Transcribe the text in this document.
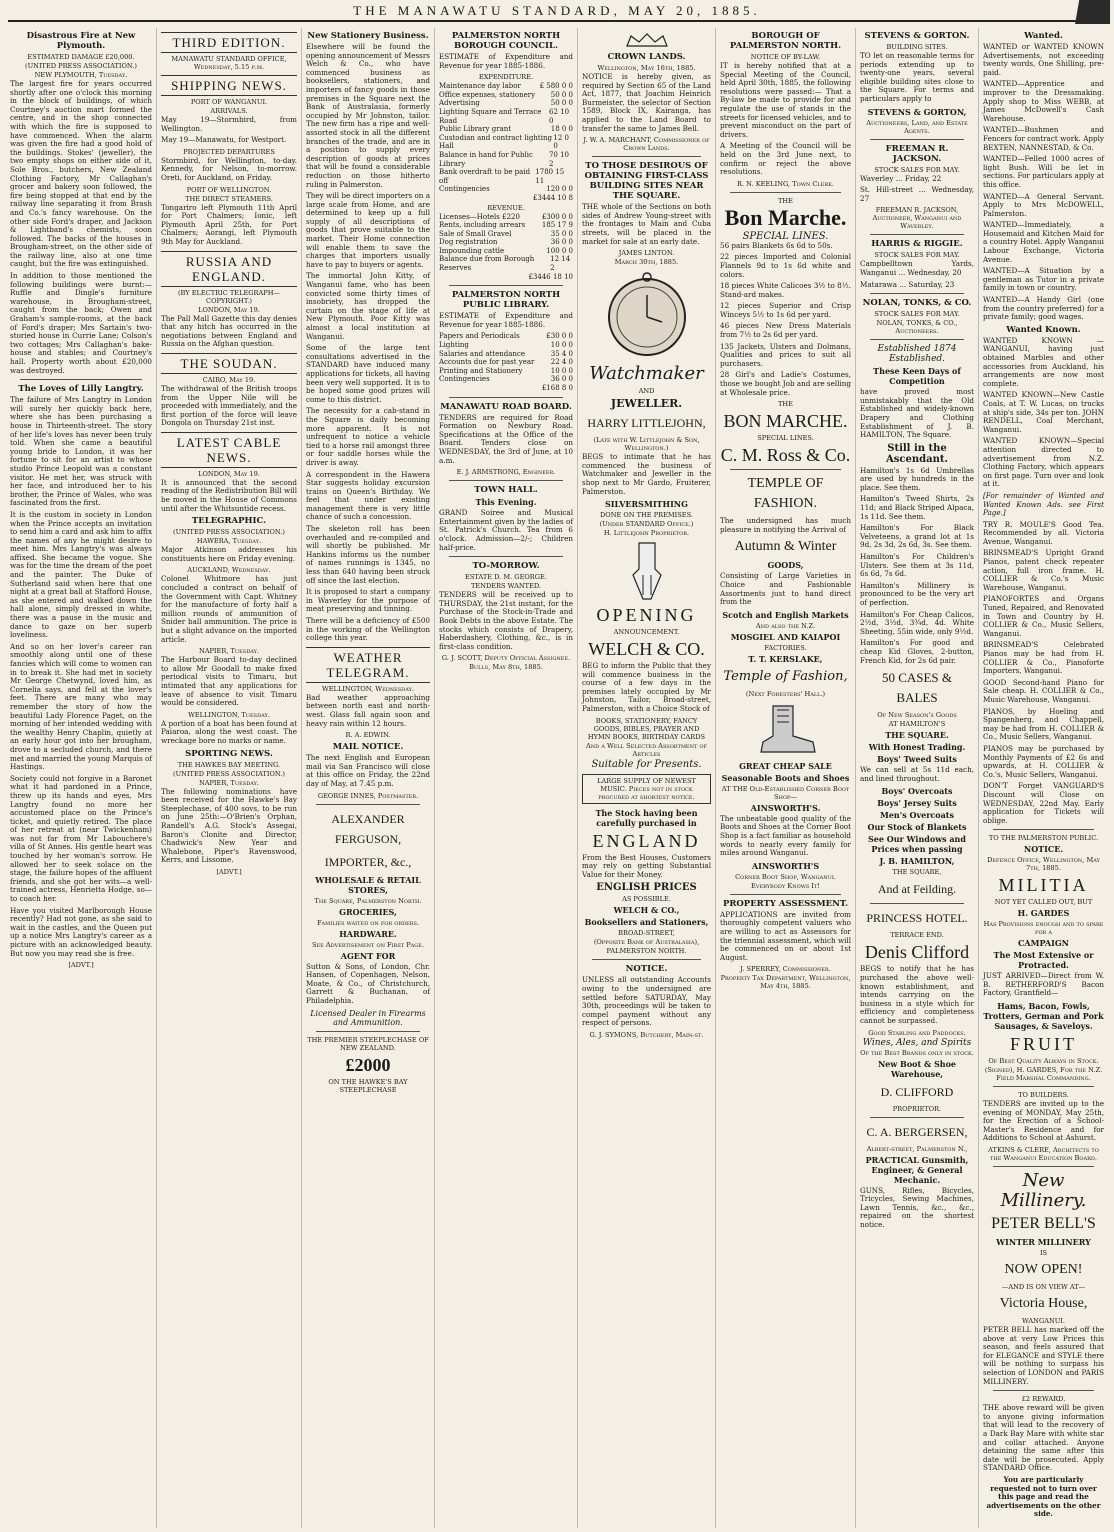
THE MANAWATU STANDARD, MAY 20, 1885.
Disastrous Fire at New Plymouth.
ESTIMATED DAMAGE £20,000.
(UNITED PRESS ASSOCIATION.)
NEW PLYMOUTH, Tuesday.

The largest fire for years occurred shortly after one o'clock this morning in the block of buildings, of which Courtney's auction mart formed the centre, and in the shop connected with which the fire is supposed to have commenced. When the alarm was given the fire had a good hold of the buildings. Stokes' (jeweller), the two empty shops on either side of it, Sole Bros., butchers, New Zealand Clothing Factory, Mr Callaghan's grocer and bakery soon followed, the fire being stopped at that end by the railway line separating it from Brash and Co.'s fancy warehouse. On the other side Ford's draper, and Jackson & Lightband's chemists, soon followed. The backs of the houses in Brougham-street, on the other side of the railway line, also at one time caught, but the fire was extinguished.

In addition to those mentioned the following buildings were burnt:— Ruffle and Dingle's furniture warehouse, in Brougham-street, caught from the back; Owen and Graham's sample-rooms, at the back of Ford's draper; Mrs Sartain's two-storied house in Currie Lane; Colson's two cottages; Mrs Callaghan's bake-house and stables; and Courtney's hall. Property worth about £20,000 was destroyed.

The Loves of Lilly Langtry.

The failure of Mrs Langtry in London will surely her quickly back here, where she has been purchasing a house in Thirteenth-street. The story of her life's loves has never been truly told. When she came a beautiful young bride to London, it was her fortune to sit for an artist to whose studio Prince Leopold was a constant visitor. He met her, was struck with her face, and introduced her to his brother, the Prince of Wales, who was fascinated from the first.

It is the custom in society in London when the Prince accepts an invitation to send him a card and ask him to affix the names of any he might desire to meet him. Mrs Langtry's was always affixed. She became the vogue. She was for the time the dream of the poet and the painter. The Duke of Sutherland said when here that one night at a great ball at Stafford House, as she entered and walked down the hall alone, simply dressed in white, there was a pause in the music and dance to gaze on her superb loveliness.

And so on her lover's career ran smoothly along until one of these fancies which will come to women ran in to break it. She had met in society Mr George Chetwynd, loved him, as Cornelia says, and fell at the lover's feet. There are many who may remember the story of how the beautiful Lady Florence Paget, on the morning of her intended wedding with the wealthy Henry Chaplin, quietly at an early hour got into her brougham, drove to a secluded church, and there met and married the young Marquis of Hastings.

Society could not forgive in a Baronet what it had pardoned in a Prince, threw up its hands and eyes, Mrs Langtry found no more her accustomed place on the Prince's ticket, and quietly retired. The place of her retreat at (near Twickenham) was not far from Mr Labouchere's villa of St Annes. His gentle heart was touched by her woman's sorrow. He allowed her to seek solace on the stage, the failure hopes of the affluent friends, and she got her wits—a well-trained actress, Henrietta Hodge, so—to coach her.

Have you visited Marlborough House recently? Had not gone, as she said to wait in the castles, and the Queen put up a notice Mrs Langtry's career as a picture with an acknowledged beauty. But now you may read she is free.

[ADVT.]
THIRD EDITION.
MANAWATU STANDARD OFFICE, Wednesday, 5.15 p.m.
SHIPPING NEWS.
PORT OF WANGANUI.
ARRIVALS.

May 19—Stormbird, from Wellington.

May 19—Manawatu, for Westport.

PROJECTED DEPARTURES

Stormbird, for Wellington, to-day. Kennedy, for Nelson, to-morrow. Oreti, for Auckland, on Friday.

PORT OF WELLINGTON.
THE DIRECT STEAMERS.

Tongariro left Plymouth 11th April for Port Chalmers; Ionic, left Plymouth April 25th, for Port Chalmers; Aorangi, left Plymouth 9th May for Auckland.

RUSSIA AND ENGLAND.
(BY ELECTRIC TELEGRAPH—COPYRIGHT.)
LONDON, May 19.

The Pall Mall Gazette this day denies that any hitch has occurred in the negotiations between England and Russia on the Afghan question.

THE SOUDAN.
CAIRO, May 19.

The withdrawal of the British troops from the Upper Nile will be proceeded with immediately, and the first portion of the force will leave Dongola on Thursday 21st inst.

LATEST CABLE NEWS.
LONDON, May 19.

It is announced that the second reading of the Redistribution Bill will be moved in the House of Commons until after the Whitsuntide recess.

TELEGRAPHIC.
(UNITED PRESS ASSOCIATION.)
HAWERA, Tuesday.

Major Atkinson addresses his constituents here on Friday evening.

AUCKLAND, Wednesday.

Colonel Whitmore has just concluded a contract on behalf of the Government with Capt. Whitney for the manufacture of forty half a million rounds of ammunition of Snider ball ammunition. The price is but a slight advance on the imported article.

NAPIER, Tuesday.

The Harbour Board to-day declined to allow Mr Goodall to make fixed periodical visits to Timaru, but intimated that any applications for leave of absence to visit Timaru would be considered.

WELLINGTON, Tuesday.

A portion of a boat has been found at Paiaroa, along the west coast. The wreckage bore no marks or name.

SPORTING NEWS.
THE HAWKES BAY MEETING.
(UNITED PRESS ASSOCIATION.)
NAPIER, Tuesday.

The following nominations have been received for the Hawke's Bay Steeplechase, of 400 sovs, to be run on June 25th:—O'Brien's Orphan, Randell's A.G. Stock's Assegai, Baron's Clonite and Director, Chadwick's New Year and Whalebone, Piper's Ravenswood, Kerrs, and Lissome.

[ADVT.]
New Stationery Business.

Elsewhere will be found the opening announcement of Messrs Welch & Co., who have commenced business as booksellers, stationers, and importers of fancy goods in those premises in the Square next the Bank of Australasia, formerly occupied by Mr Johnston, tailor. The new firm has a ripe and well-assorted stock in all the different branches of the trade, and are in a position to supply every description of goods at prices that will be found a considerable reduction on those hitherto ruling in Palmerston.

They will be direct importers on a large scale from Home, and are determined to keep up a full supply of all descriptions of goods that prove suitable to the market. Their Home connection will enable them to save the charges that importers usually have to pay to buyers or agents.

The immortal John Kitty, of Wanganui fame, who has been convicted some thirty times of insobriety, has dropped the curtain on the stage of life at New Plymouth. Poor Kitty was almost a local institution at Wanganui.

Some of the large tent consultations advertised in the STANDARD have induced many applications for tickets, all having been very well supported. It is to be hoped some good prizes will come to this district.

The necessity for a cab-stand in the Square is daily becoming more apparent. It is not unfrequent to notice a vehicle tied to a horse rail amongst three or four saddle horses while the driver is away.

A correspondent in the Hawera Star suggests holiday excursion trains on Queen's Birthday. We feel that under existing management there is very little chance of such a concession.

The skeleton roll has been overhauled and re-compiled and will shortly be published. Mr Hankins informs us the number of names runnings is 1345, no less than 640 having been struck off since the last election.

It is proposed to start a company in Waverley for the purpose of meat preserving and tinning.

There will be a deficiency of £500 in the working of the Wellington college this year.

WEATHER TELEGRAM.
WELLINGTON, Wednesday.

Bad weather approaching between north east and north-west. Glass fall again soon and heavy rain within 12 hours.

R. A. EDWIN.
MAIL NOTICE.

The next English and European mail via San Francisco will close at this office on Friday, the 22nd day of May, at 7.45 p.m.

GEORGE INNES, Postmaster.
ALEXANDER FERGUSON,
IMPORTER, &c.,
WHOLESALE & RETAIL STORES,
The Square, Palmerston North.
GROCERIES,
Families waited on for orders.
HARDWARE.
See Advertisement on First Page.
AGENT FOR

Sutton & Sons, of London, Chr. Hansen, of Copenhagen, Nelson, Moate, & Co., of Christchurch, Garrett & Buchanan, of Philadelphia.

Licensed Dealer in Firearms and Ammunition.
THE PREMIER STEEPLECHASE OF NEW ZEALAND.
£2000
ON THE HAWKE'S BAY STEEPLECHASE
PALMERSTON NORTH BOROUGH COUNCIL.

ESTIMATE of Expenditure and Revenue for year 1885-1886.

EXPENDITURE.
Maintenance day labor	£ 580 0 0
Office expenses, stationery 50 0 0
Advertising	50 0 0
Lighting Square and Terrace Road
62 10 0
Public Library grant	18 0 0
Custodian and contract lighting Hall
12 0 0
Balance in hand for Public Library
70 10 2
Bank overdraft to be paid off
1780 15 11
Contingencies	120 0 0
£3444 10 8
REVENUE.
Licenses—Hotels £220	£300 0 0
Rents, including arrears 185 17 9
Sale of Small Gravel	35 0 0
Dog registration	36 0 0
Impounding cattle	100 0 0
Balance due from Borough Reserves
12 14 2
£3446 18 10
PALMERSTON NORTH PUBLIC LIBRARY.

ESTIMATE of Expenditure and Revenue for year 1885-1886.

Papers and Periodicals	£30 0 0
Lighting	10 0 0
Salaries and attendance	35 4 0
Accounts due for past year 22 4 0
Printing and Stationery	10 0 0
Contingencies	36 0 0
£168 8 0
MANAWATU ROAD BOARD.

TENDERS are required for Road Formation on Newbury Road. Specifications at the Office of the Board. Tenders close on WEDNESDAY, the 3rd of June, at 10 a.m.

E. J. ARMSTRONG, Engineer.
TOWN HALL.
This Evening.

GRAND Soiree and Musical Entertainment given by the ladies of St. Patrick's Church. Tea from 6 o'clock. Admission—2/-; Children half-price.

TO-MORROW.
ESTATE D. M. GEORGE.
TENDERS WANTED.

TENDERS will be received up to THURSDAY, the 21st instant, for the Purchase of the Stock-in-Trade and Book Debts in the above Estate. The stocks which consists of Drapery, Haberdashery, Clothing, &c., is in first-class condition.

G. J. SCOTT, Deputy Official Assignee.
Bulls, May 8th, 1885.
CROWN LANDS.
Wellington, May 16th, 1885.

NOTICE is hereby given, as required by Section 65 of the Land Act, 1877, that Joachim Heinrich Burmeister, the selector of Section 1589, Block IX, Kairanga, has applied to the Land Board to transfer the same to James Bell.

J. W. A. MARCHANT, Commissioner of Crown Lands.
TO THOSE DESIROUS OF OBTAINING FIRST-CLASS BUILDING SITES NEAR THE SQUARE.

THE whole of the Sections on both sides of Andrew Young-street with the frontages to Main and Cuba streets, will be placed in the market for sale at an early date.

JAMES LINTON.
March 30th, 1885.
Watchmaker
AND
JEWELLER.
HARRY LITTLEJOHN,
(Late with W. Littlejohn & Son, Wellington.)

BEGS to intimate that he has commenced the business of Watchmaker and Jeweller in the shop next to Mr Gardo, Fruiterer, Palmerston.

SILVERSMITHING
DONE ON THE PREMISES.
(Under STANDARD Office.)
H. Littlejohn Proprietor.
OPENING
ANNOUNCEMENT.
WELCH & CO.

BEG to inform the Public that they will commence business in the course of a few days in the premises lately occupied by Mr Johnston, Tailor, Broad-street, Palmerston, with a Choice Stock of

BOOKS, STATIONERY, FANCY GOODS, BIBLES, PRAYER AND HYMN BOOKS, BIRTHDAY CARDS
And a Well Selected Assortment of Articles
Suitable for Presents.
LARGE SUPPLY OF NEWEST MUSIC. Pieces not in stock procured at shortest notice.
The Stock having been carefully purchased in
ENGLAND

From the Best Houses, Customers may rely on getting Substantial Value for their Money.

ENGLISH PRICES
AS POSSIBLE.
WELCH & CO.,
Booksellers and Stationers,
BROAD-STREET,
(Opposite Bank of Australasia),
PALMERSTON NORTH.
NOTICE.

UNLESS all outstanding Accounts owing to the undersigned are settled before SATURDAY, May 30th, proceedings will be taken to compel payment without any respect of persons.

G. J. SYMONS, Butchery, Main-st.
BOROUGH OF PALMERSTON NORTH.
NOTICE OF BY-LAW.

IT is hereby notified that at a Special Meeting of the Council, held April 30th, 1885, the following resolutions were passed:— That a By-law be made to provide for and regulate the use of stands in the streets for licensed vehicles, and to prevent misconduct on the part of drivers.

A Meeting of the Council will be held on the 3rd June next, to confirm or reject the above resolutions.

R. N. KEELING, Town Clerk.
THE
Bon Marche.
SPECIAL LINES.

56 pairs Blankets 6s 6d to 50s.

22 pieces Imported and Colonial Flannels 9d to 1s 6d white and colors.

18 pieces White Calicoes 3½ to 8½. Stand-ard makes.

12 pieces Superior and Crisp Winceys 5½ to 1s 6d per yard.

46 pieces New Dress Materials from 7½ to 2s 6d per yard.

135 Jackets, Ulsters and Dolmans, Qualities and prices to suit all purchasers.

28 Girl's and Ladie's Costumes, those we bought Job and are selling at Wholesale price.

THE
BON MARCHE.
SPECIAL LINES.
C. M. Ross & Co.
TEMPLE OF FASHION.

The undersigned has much pleasure in notifying the Arrival of

Autumn & Winter
GOODS,

Consisting of Large Varieties in Choice and Fashionable Assortments just to hand direct from the

Scotch and English Markets
And also the N.Z.
MOSGIEL AND KAIAPOI
FACTORIES.
T. T. KERSLAKE,
Temple of Fashion,
(Next Foresters' Hall.)
GREAT CHEAP SALE
Seasonable Boots and Shoes
AT THE Old-Established Corner Boot Shop—
AINSWORTH'S.

The unbeatable good quality of the Boots and Shoes at the Corner Boot Shop is a fact familiar as household words to nearly every family for miles around Wanganui.

AINSWORTH'S
Corner Boot Shop, Wanganui.
Everybody Knows It!
PROPERTY ASSESSMENT.

APPLICATIONS are invited from thoroughly competent valuers who are willing to act as Assessors for the triennial assessment, which will be commenced on or about 1st August.

J. SPERREY, Commissioner.
Property Tax Department, Wellington, May 4th, 1885.
STEVENS & GORTON.
BUILDING SITES.

TO let on reasonable terms for periods extending up to twenty-one years, several eligible building sites close to the Square. For terms and particulars apply to

STEVENS & GORTON,
Auctioneers, Land, and Estate Agents.
FREEMAN R. JACKSON.
STOCK SALES FOR MAY.

Waverley ... Friday, 22

St. Hill-street ... Wednesday, 27

FREEMAN R. JACKSON, Auctioneer, Wanganui and Waverley.
HARRIS & RIGGIE.
STOCK SALES FOR MAY.

Campbelltown Yards, Wanganui ... Wednesday, 20

Matarawa ... Saturday, 23

NOLAN, TONKS, & CO.
STOCK SALES FOR MAY.
NOLAN, TONKS, & CO., Auctioneers.
Established 1874 Established.
These Keen Days of Competition

have proved most unmistakably that the Old Established and widely-known Drapery and Clothing Establishment of J. B. HAMILTON, The Square.

Still in the Ascendant.

Hamilton's 1s 6d Umbrellas are used by hundreds in the place. See them.

Hamilton's Tweed Shirts, 2s 11d; and Black Striped Alpaca, 1s 11d. See them.

Hamilton's For Black Velveteens, a grand lot at 1s 9d, 2s 3d, 2s 6d, 3s. See them.

Hamilton's For Children's Ulsters. See them at 3s 11d, 6s 6d, 7s 6d.

Hamilton's Millinery is pronounced to be the very art of perfection.

Hamilton's For Cheap Calicos, 2½d, 3½d, 3¾d, 4d. White Sheeting, 55in wide, only 9½d.

Hamilton's For good and cheap Kid Gloves, 2-button, French Kid, for 2s 6d pair.

50 CASES & BALES
Of New Season's Goods
AT HAMILTON'S
THE SQUARE.
With Honest Trading.
Boys' Tweed Suits

We can sell at 5s 11d each, and lined throughout.

Boys' Overcoats
Boys' Jersey Suits
Men's Overcoats
Our Stock of Blankets
See Our Windows and Prices when passing
J. B. HAMILTON,
THE SQUARE,
And at Feilding.
PRINCESS HOTEL.
TERRACE END.
Denis Clifford

BEGS to notify that he has purchased the above well-known establishment, and intends carrying on the business in a style which for efficiency and completeness cannot be surpassed.

Good Stabling and Paddocks.
Wines, Ales, and Spirits
Of the Best Brands only in stock.
New Boot & Shoe Warehouse,
D. CLIFFORD
PROPRIETOR.
C. A. BERGERSEN,
Albert-street, Palmerston N.,
PRACTICAL Gunsmith, Engineer, & General Mechanic.

GUNS, Rifles, Bicycles, Tricycles, Sewing Machines, Lawn Tennis, &c., &c., repaired on the shortest notice.

Wanted.

WANTED or WANTED KNOWN Advertisements, not exceeding twenty words, One Shilling, pre-paid.

WANTED—Apprentice and improver to the Dressmaking. Apply shop to Miss WEBB, at James McDowell's Cash Warehouse.

WANTED—Bushmen and Fencers for contract work. Apply BEXTEN, NANNESTAD, & Co.

WANTED—Felled 1000 acres of light Bush. Will be let in sections. For particulars apply at this office.

WANTED—A General Servant. Apply to Mrs McDOWELL, Palmerston.

WANTED—Immediately, a Housemaid and Kitchen Maid for a country Hotel. Apply Wanganui Labour Exchange, Victoria Avenue.

WANTED—A Situation by a gentleman as Tutor in a private family in town or country.

WANTED—A Handy Girl (one from the country preferred) for a private family; good wages.

Wanted Known.

WANTED KNOWN — WANGANUI, having just obtained Marbles and other accessories from Auckland, his arrangements are now most complete.

WANTED KNOWN—New Castle Coals, at T. W. Lucas, on trucks at ship's side, 34s per ton. JOHN RENDELL, Coal Merchant, Wanganui.

WANTED KNOWN—Special attention directed to advertisement from N.Z. Clothing Factory, which appears on first page. Turn over and look at it.

[For remainder of Wanted and Wanted Known Ads. see First Page.]

TRY R. MOULE'S Good Tea. Recommended by all. Victoria Avenue, Wanganui.

BRINSMEAD'S Upright Grand Pianos, patent check repeater action, full iron frame. H. COLLIER & Co.'s Music Warehouse, Wanganui.

PIANOFORTES and Organs Tuned, Repaired, and Renovated in Town and Country by H. COLLIER & Co., Music Sellers, Wanganui.

BRINSMEAD'S Celebrated Pianos may be had from H. COLLIER & Co., Pianoforte Importers, Wanganui.

GOOD Second-hand Piano for Sale cheap. H. COLLIER & Co., Music Warehouse, Wanganui.

PIANOS, by Hoeling and Spangenberg, and Chappell, may be had from H. COLLIER & Co., Music Sellers, Wanganui.

PIANOS may be purchased by Monthly Payments of £2 6s and upwards, at H. COLLIER & Co.'s, Music Sellers, Wanganui.

DON'T Forget VANGUARD'S Discount will Close on WEDNESDAY, 22nd May. Early application for Tickets will oblige.

TO THE PALMERSTON PUBLIC.
NOTICE.
Defence Office, Wellington, May 7th, 1885.
MILITIA
NOT YET CALLED OUT, BUT
H. GARDES
Has Provisions enough and to spare for a
CAMPAIGN
The Most Extensive or Protracted.

JUST ARRIVED—Direct from W. B. RETHERFORD'S Bacon Factory, Grantfield—

Hams, Bacon, Fowls, Trotters, German and Pork Sausages, & Saveloys.
FRUIT
Of Best Quality Always in Stock.
(Signed), H. GARDES, For the N.Z. Field Marshal Commanding.
TO BUILDERS.

TENDERS are invited up to the evening of MONDAY, May 25th, for the Erection of a School-Master's Residence and for Additions to School at Ashurst.

ATKINS & CLERE, Architects to the Wanganui Education Board.
New Millinery.
PETER BELL'S
WINTER MILLINERY
IS
NOW OPEN!
—AND IS ON VIEW AT—
Victoria House,
WANGANUI.

PETER BELL has marked off the above at very Low Prices this season, and feels assured that for ELEGANCE and STYLE there will be nothing to surpass his selection of LONDON and PARIS MILLINERY.

£2 REWARD.

THE above reward will be given to anyone giving information that will lead to the recovery of a Dark Bay Mare with white star and collar attached. Anyone detaining the same after this date will be prosecuted. Apply STANDARD Office.

You are particularly requested not to turn over this page and read the advertisements on the other side.
